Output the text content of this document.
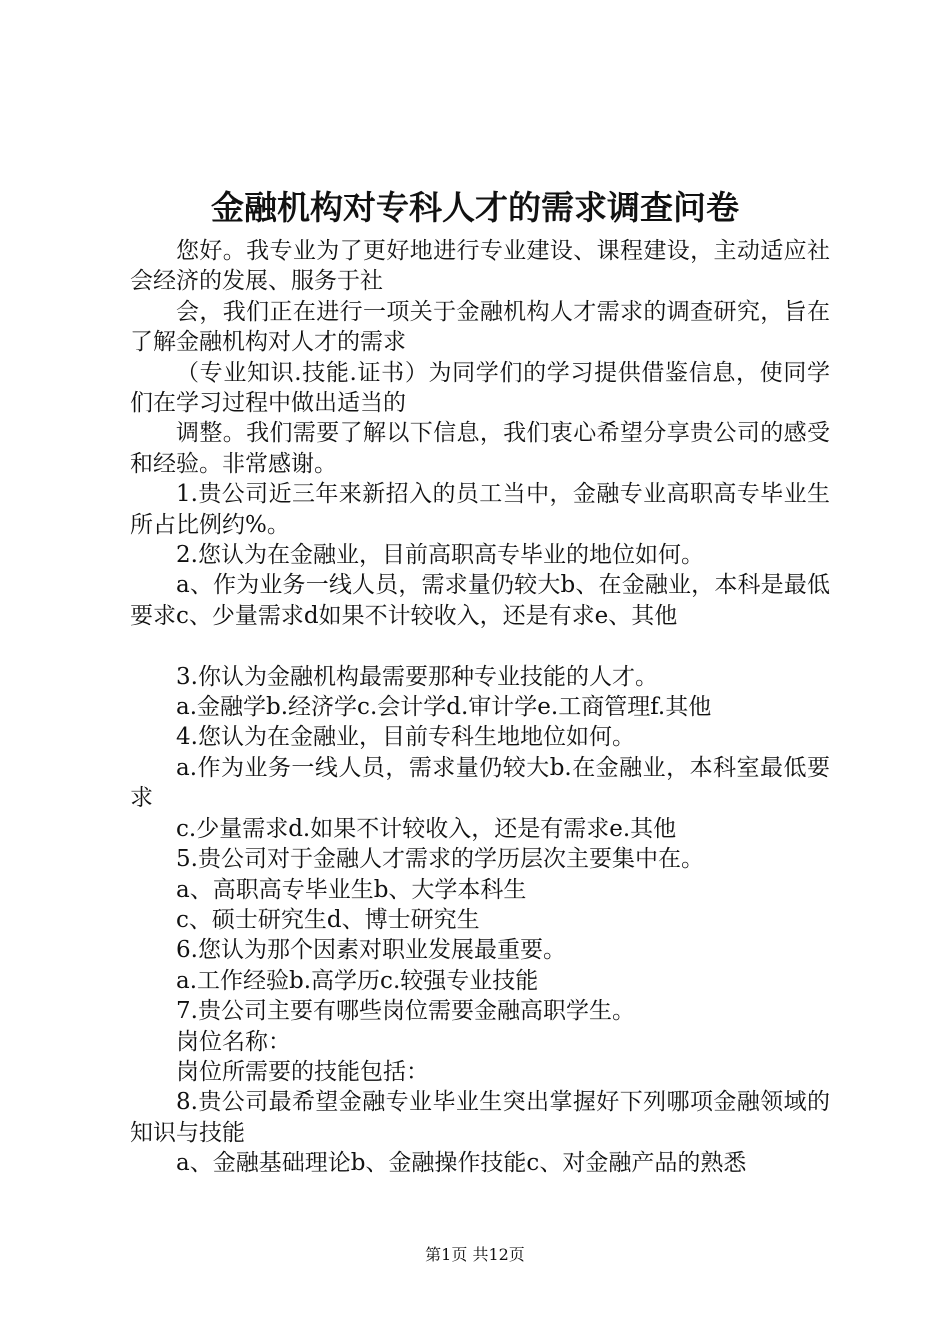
金融机构对专科人才的需求调查问卷

您好。我专业为了更好地进行专业建设、课程建设，主动适应社会经济的发展、服务于社

会，我们正在进行一项关于金融机构人才需求的调查研究，旨在了解金融机构对人才的需求

（专业知识.技能.证书）为同学们的学习提供借鉴信息，使同学们在学习过程中做出适当的

调整。我们需要了解以下信息，我们衷心希望分享贵公司的感受和经验。非常感谢。

1.贵公司近三年来新招入的员工当中，金融专业高职高专毕业生所占比例约%。

2.您认为在金融业，目前高职高专毕业的地位如何。

a、作为业务一线人员，需求量仍较大b、在金融业，本科是最低要求c、少量需求d如果不计较收入，还是有求e、其他

3.你认为金融机构最需要那种专业技能的人才。

a.金融学b.经济学c.会计学d.审计学e.工商管理f.其他

4.您认为在金融业，目前专科生地地位如何。

a.作为业务一线人员，需求量仍较大b.在金融业，本科室最低要求

c.少量需求d.如果不计较收入，还是有需求e.其他

5.贵公司对于金融人才需求的学历层次主要集中在。

a、高职高专毕业生b、大学本科生

c、硕士研究生d、博士研究生

6.您认为那个因素对职业发展最重要。

a.工作经验b.高学历c.较强专业技能

7.贵公司主要有哪些岗位需要金融高职学生。

岗位名称：

岗位所需要的技能包括：

8.贵公司最希望金融专业毕业生突出掌握好下列哪项金融领域的知识与技能

a、金融基础理论b、金融操作技能c、对金融产品的熟悉

第1页 共12页
